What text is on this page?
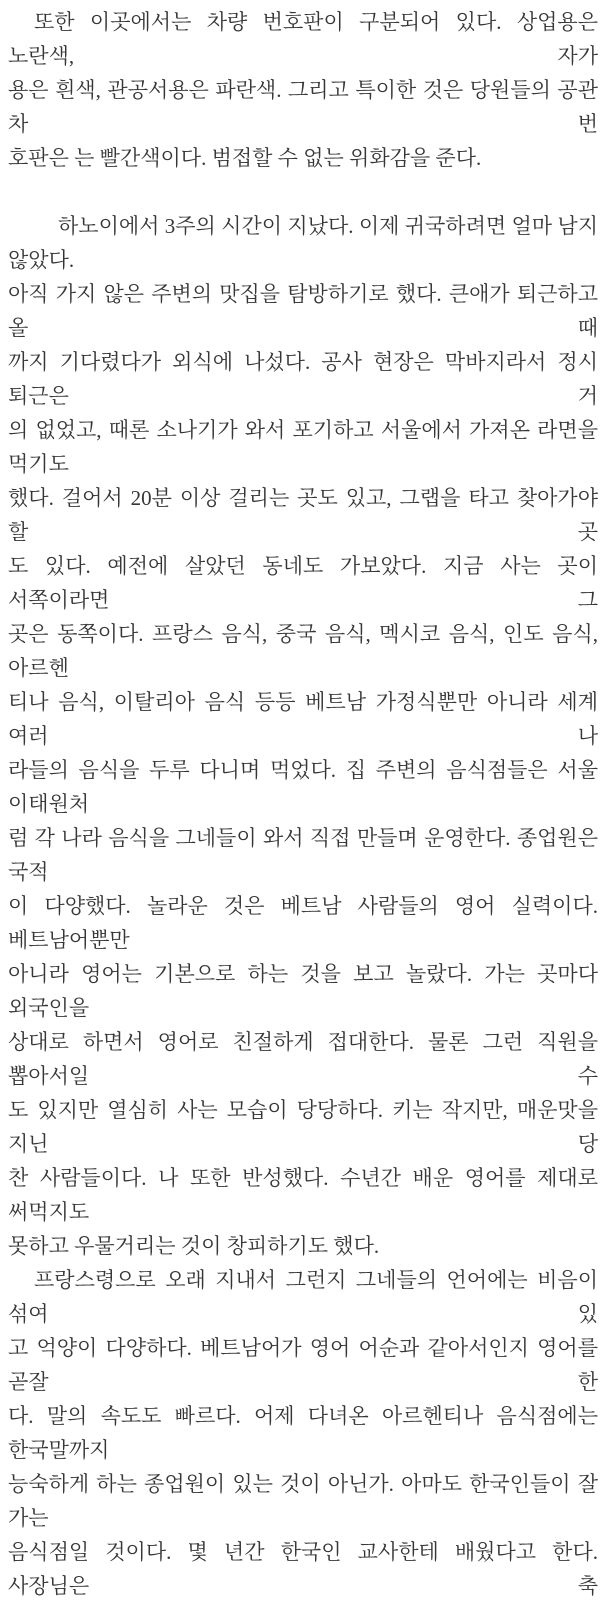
또한 이곳에서는 차량 번호판이 구분되어 있다. 상업용은 노란색, 자가
용은 흰색, 관공서용은 파란색. 그리고 특이한 것은 당원들의 공관 차 번
호판은 는 빨간색이다. 범접할 수 없는 위화감을 준다.
하노이에서 3주의 시간이 지났다. 이제 귀국하려면 얼마 남지 않았다.
아직 가지 않은 주변의 맛집을 탐방하기로 했다. 큰애가 퇴근하고 올 때
까지 기다렸다가 외식에 나섰다. 공사 현장은 막바지라서 정시 퇴근은 거
의 없었고, 때론 소나기가 와서 포기하고 서울에서 가져온 라면을 먹기도
했다. 걸어서 20분 이상 걸리는 곳도 있고, 그랩을 타고 찾아가야 할 곳
도 있다. 예전에 살았던 동네도 가보았다. 지금 사는 곳이 서쪽이라면 그
곳은 동쪽이다. 프랑스 음식, 중국 음식, 멕시코 음식, 인도 음식, 아르헨
티나 음식, 이탈리아 음식 등등 베트남 가정식뿐만 아니라 세계 여러 나
라들의 음식을 두루 다니며 먹었다. 집 주변의 음식점들은 서울 이태원처
럼 각 나라 음식을 그네들이 와서 직접 만들며 운영한다. 종업원은 국적
이 다양했다. 놀라운 것은 베트남 사람들의 영어 실력이다. 베트남어뿐만
아니라 영어는 기본으로 하는 것을 보고 놀랐다. 가는 곳마다 외국인을
상대로 하면서 영어로 친절하게 접대한다. 물론 그런 직원을 뽑아서일 수
도 있지만 열심히 사는 모습이 당당하다. 키는 작지만, 매운맛을 지닌 당
찬 사람들이다. 나 또한 반성했다. 수년간 배운 영어를 제대로 써먹지도
못하고 우물거리는 것이 창피하기도 했다.
프랑스령으로 오래 지내서 그런지 그네들의 언어에는 비음이 섞여 있
고 억양이 다양하다. 베트남어가 영어 어순과 같아서인지 영어를 곧잘 한
다. 말의 속도도 빠르다. 어제 다녀온 아르헨티나 음식점에는 한국말까지
능숙하게 하는 종업원이 있는 것이 아닌가. 아마도 한국인들이 잘 가는
음식점일 것이다. 몇 년간 한국인 교사한테 배웠다고 한다. 사장님은 축
